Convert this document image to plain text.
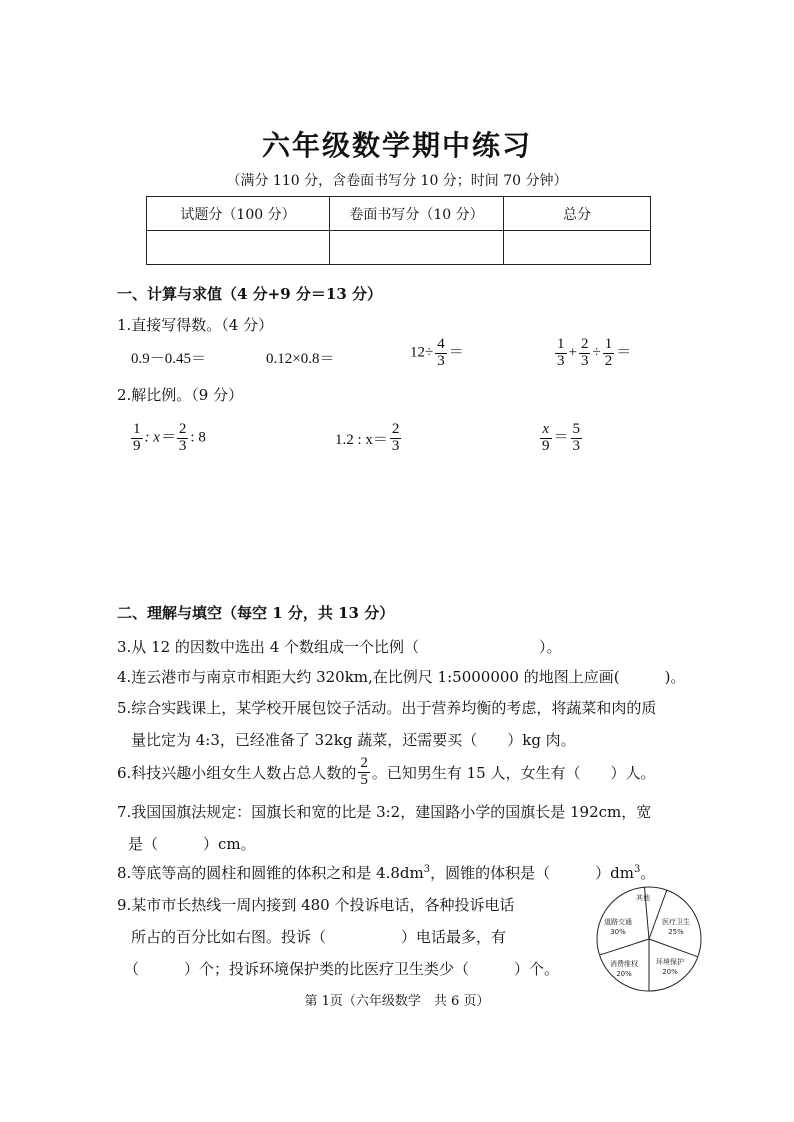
六年级数学期中练习
（满分 110 分，含卷面书写分 10 分；时间 70 分钟）
试题分（100 分）	卷面书写分（10 分）	总分

一、计算与求值（4 分+9 分＝13 分）
1.直接写得数。（4 分）
0.9－0.45＝	0.12×0.8＝	$12\div \frac{4}{3}$ ＝	$\frac{1}{3} + \frac{2}{3} \div \frac{1}{2}$ ＝
2.解比例。（9 分）
$\frac{1}{9}$ : $x= \frac{2}{3}$ : 8	1.2 : $x= \frac{2}{3}$	$\frac{x}{9} = \frac{5}{3}$
二、理解与填空（每空 1 分，共 13 分）
3.从 12 的因数中选出 4 个数组成一个比例（　　　　　　　　）。
4.连云港市与南京市相距大约 320km,在比例尺 1:5000000 的地图上应画(　　　)。
5.综合实践课上，某学校开展包饺子活动。出于营养均衡的考虑，将蔬菜和肉的质
量比定为 4:3，已经准备了 32kg 蔬菜，还需要买（　　）kg 肉。
6.科技兴趣小组女生人数占总人数的 $\frac{2}{5}$ 。已知男生有 15 人，女生有（　　）人。
7.我国国旗法规定：国旗长和宽的比是 3:2，建国路小学的国旗长是 192cm，宽
是（　　　）cm。
8.等底等高的圆柱和圆锥的体积之和是 $4.8dm^3$，圆锥的体积是（　　　）$dm^3$。
9.某市市长热线一周内接到 480 个投诉电话，各种投诉电话
所占的百分比如右图。投诉（　　　　　）电话最多，有
（　　　）个；投诉环境保护类的比医疗卫生类少（　　　）个。
其他
医疗卫生
25%
环境保护
20%
消费维权
20%
道路交通
30%
第 1页（六年级数学　共 6 页）
